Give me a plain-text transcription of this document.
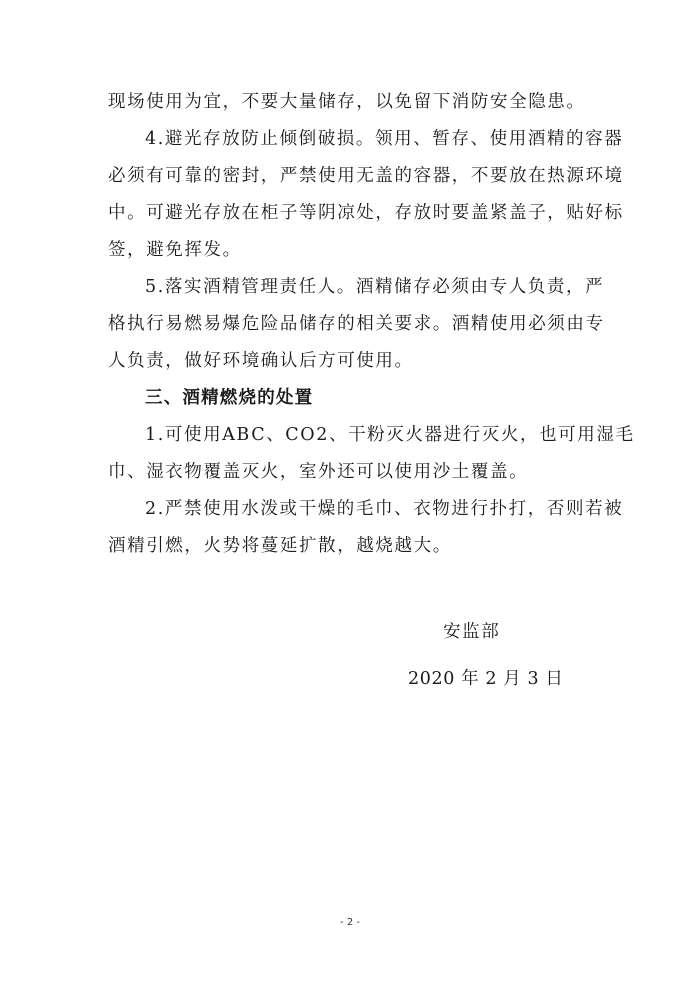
现场使用为宜，不要大量储存，以免留下消防安全隐患。
4.避光存放防止倾倒破损。领用、暂存、使用酒精的容器
必须有可靠的密封，严禁使用无盖的容器，不要放在热源环境
中。可避光存放在柜子等阴凉处，存放时要盖紧盖子，贴好标
签，避免挥发。
5.落实酒精管理责任人。酒精储存必须由专人负责，严
格执行易燃易爆危险品储存的相关要求。酒精使用必须由专
人负责，做好环境确认后方可使用。
三、酒精燃烧的处置
1.可使用ABC、CO2、干粉灭火器进行灭火，也可用湿毛
巾、湿衣物覆盖灭火，室外还可以使用沙土覆盖。
2.严禁使用水泼或干燥的毛巾、衣物进行扑打，否则若被
酒精引燃，火势将蔓延扩散，越烧越大。
安监部
2020 年 2 月 3 日
- 2 -
